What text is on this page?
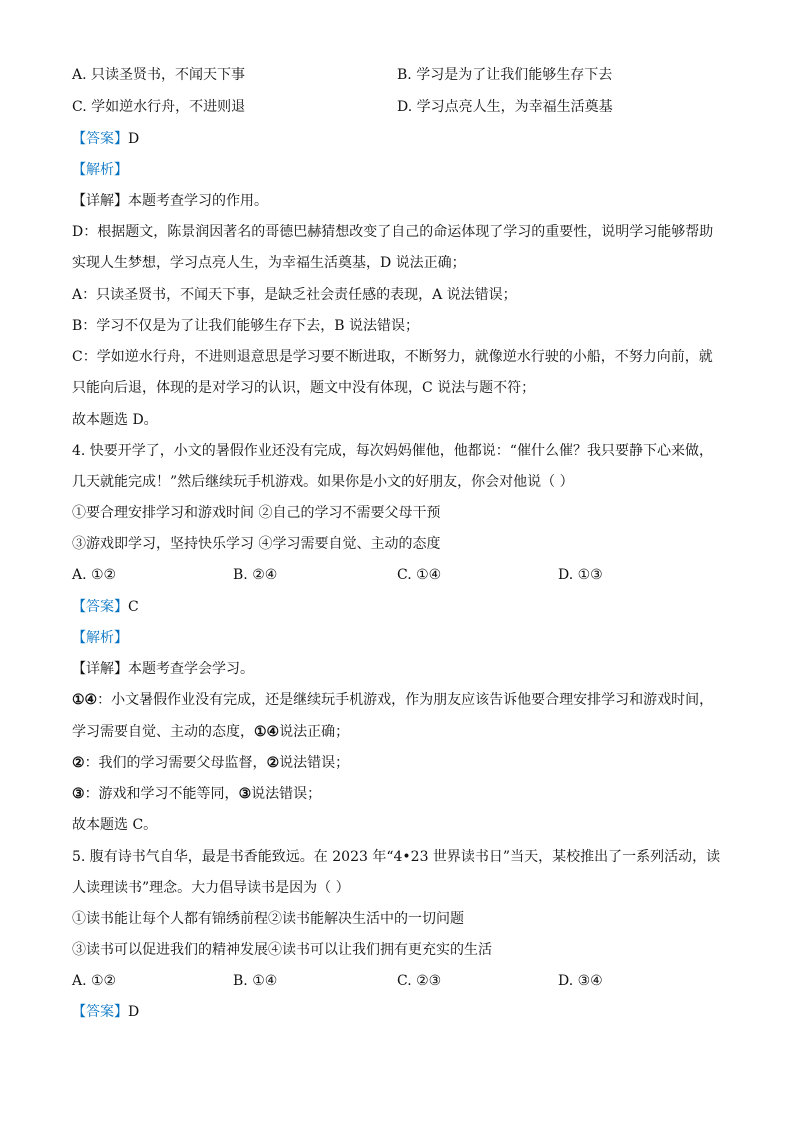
A. 只读圣贤书，不闻天下事	B. 学习是为了让我们能够生存下去
C. 学如逆水行舟，不进则退	D. 学习点亮人生，为幸福生活奠基
【答案】D
【解析】
【详解】本题考查学习的作用。
D：根据题文，陈景润因著名的哥德巴赫猜想改变了自己的命运体现了学习的重要性，说明学习能够帮助
实现人生梦想，学习点亮人生，为幸福生活奠基，D 说法正确；
A：只读圣贤书，不闻天下事，是缺乏社会责任感的表现，A 说法错误；
B：学习不仅是为了让我们能够生存下去，B 说法错误；
C：学如逆水行舟，不进则退意思是学习要不断进取，不断努力，就像逆水行驶的小船，不努力向前，就
只能向后退，体现的是对学习的认识，题文中没有体现，C 说法与题不符；
故本题选 D。
4. 快要开学了，小文的暑假作业还没有完成，每次妈妈催他，他都说：“催什么催？我只要静下心来做，
几天就能完成！”然后继续玩手机游戏。如果你是小文的好朋友，你会对他说（ ）
①要合理安排学习和游戏时间 ②自己的学习不需要父母干预
③游戏即学习，坚持快乐学习 ④学习需要自觉、主动的态度
A. ①②	B. ②④	C. ①④	D. ①③
【答案】C
【解析】
【详解】本题考查学会学习。
①④：小文暑假作业没有完成，还是继续玩手机游戏，作为朋友应该告诉他要合理安排学习和游戏时间，
学习需要自觉、主动的态度，①④说法正确；
②：我们的学习需要父母监督，②说法错误；
③：游戏和学习不能等同，③说法错误；
故本题选 C。
5. 腹有诗书气自华，最是书香能致远。在 2023 年“4•23 世界读书日”当天，某校推出了一系列活动，读
人读理读书”理念。大力倡导读书是因为（ ）
①读书能让每个人都有锦绣前程②读书能解决生活中的一切问题
③读书可以促进我们的精神发展④读书可以让我们拥有更充实的生活
A. ①②	B. ①④	C. ②③	D. ③④
【答案】D
